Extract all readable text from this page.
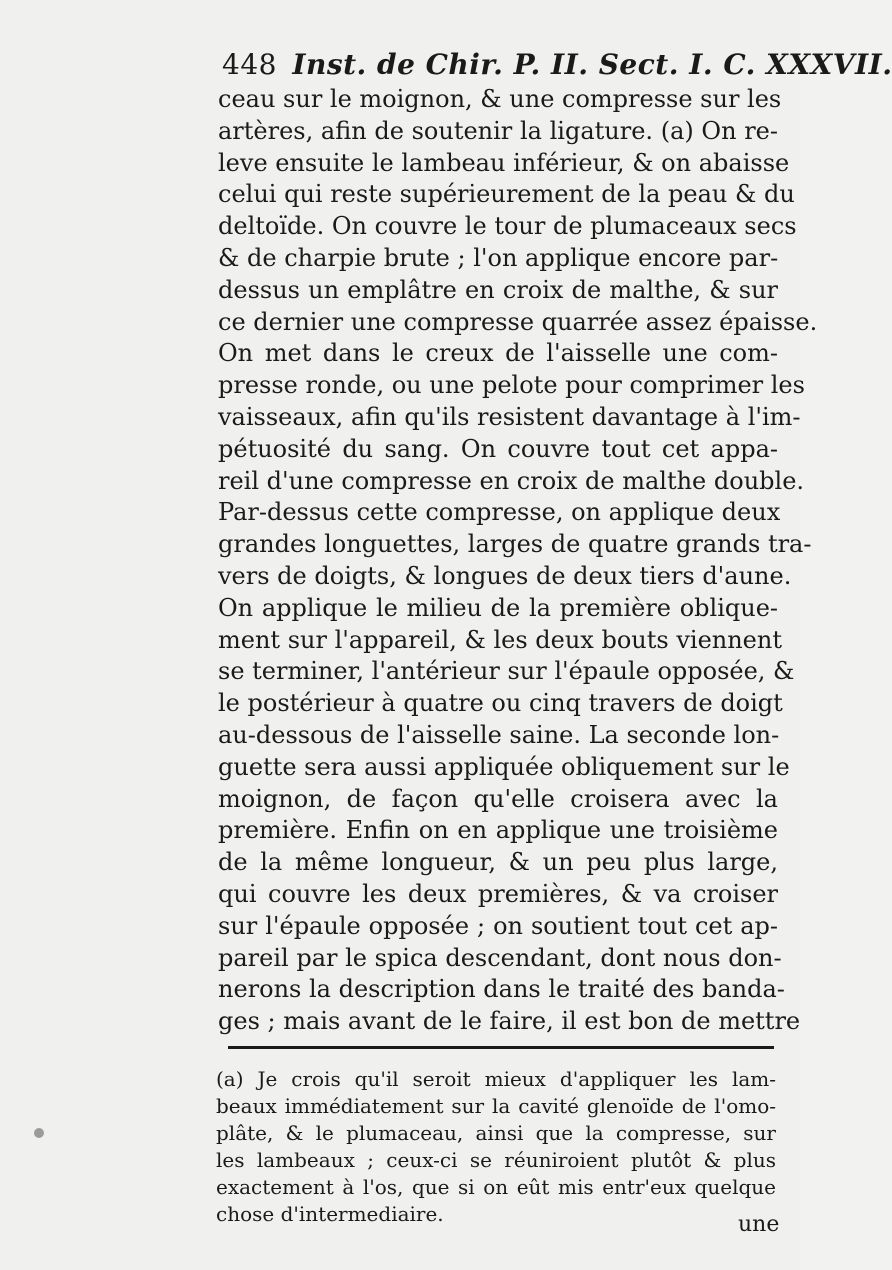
448 Inst. de Chir. P. II. Sect. I. C. XXXVII.
ceau sur le moignon, & une compresse sur les
artères, afin de soutenir la ligature. (a) On re-
leve ensuite le lambeau inférieur, & on abaisse
celui qui reste supérieurement de la peau & du
deltoïde. On couvre le tour de plumaceaux secs
& de charpie brute ; l'on applique encore par-
dessus un emplâtre en croix de malthe, & sur
ce dernier une compresse quarrée assez épaisse.
On met dans le creux de l'aisselle une com-
presse ronde, ou une pelote pour comprimer les
vaisseaux, afin qu'ils resistent davantage à l'im-
pétuosité du sang. On couvre tout cet appa-
reil d'une compresse en croix de malthe double.
Par-dessus cette compresse, on applique deux
grandes longuettes, larges de quatre grands tra-
vers de doigts, & longues de deux tiers d'aune.
On applique le milieu de la première oblique-
ment sur l'appareil, & les deux bouts viennent
se terminer, l'antérieur sur l'épaule opposée, &
le postérieur à quatre ou cinq travers de doigt
au-dessous de l'aisselle saine. La seconde lon-
guette sera aussi appliquée obliquement sur le
moignon, de façon qu'elle croisera avec la
première. Enfin on en applique une troisième
de la même longueur, & un peu plus large,
qui couvre les deux premières, & va croiser
sur l'épaule opposée ; on soutient tout cet ap-
pareil par le spica descendant, dont nous don-
nerons la description dans le traité des banda-
ges ; mais avant de le faire, il est bon de mettre
(a) Je crois qu'il seroit mieux d'appliquer les lam-
beaux immédiatement sur la cavité glenoïde de l'omo-
plâte, & le plumaceau, ainsi que la compresse, sur
les lambeaux ; ceux-ci se réuniroient plutôt & plus
exactement à l'os, que si on eût mis entr'eux quelque
chose d'intermediaire.	une
